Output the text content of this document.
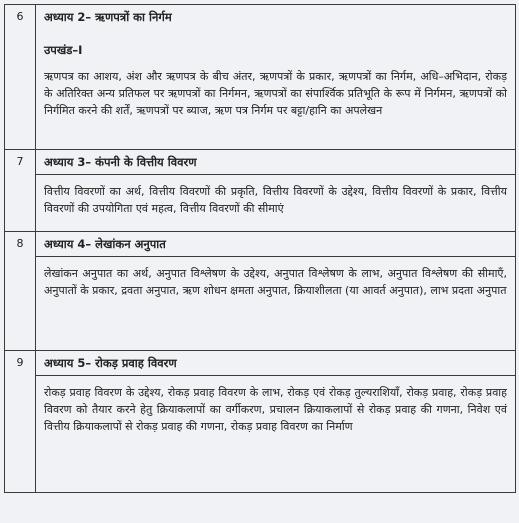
6	अध्याय 2– ऋणपत्रों का निर्गम
उपखंड–I
ऋणपत्र का आशय, अंश और ऋणपत्र के बीच अंतर, ऋणपत्रों के प्रकार, ऋणपत्रों का निर्गम, अधि–अभिदान, रोकड़ के अतिरिक्त अन्य प्रतिफल पर ऋणपत्रों का निर्गमन, ऋणपत्रों का संपार्श्विक प्रतिभूति के रूप में निर्गमन, ऋणपत्रों को निर्गमित करने की शर्तें, ऋणपत्रों पर ब्याज, ऋण पत्र निर्गम पर बट्टा/हानि का अपलेखन

7	अध्याय 3– कंपनी के वित्तीय विवरण
वित्तीय विवरणों का अर्थ, वित्तीय विवरणों की प्रकृति, वित्तीय विवरणों के उद्देश्य, वित्तीय विवरणों के प्रकार, वित्तीय विवरणों की उपयोगिता एवं महत्व, वित्तीय विवरणों की सीमाएं

8	अध्याय 4– लेखांकन अनुपात
लेखांकन अनुपात का अर्थ, अनुपात विश्लेषण के उद्देश्य, अनुपात विश्लेषण के लाभ, अनुपात विश्लेषण की सीमाएँ, अनुपातों के प्रकार, द्रवता अनुपात, ऋण शोधन क्षमता अनुपात, क्रियाशीलता (या आवर्त अनुपात), लाभ प्रदता अनुपात

9	अध्याय 5– रोकड़ प्रवाह विवरण
रोकड़ प्रवाह विवरण के उद्देश्य, रोकड़ प्रवाह विवरण के लाभ, रोकड़ एवं रोकड़ तुल्यराशियाँ, रोकड़ प्रवाह, रोकड़ प्रवाह विवरण को तैयार करने हेतु क्रियाकलापों का वर्गीकरण, प्रचालन क्रियाकलापों से रोकड़ प्रवाह की गणना, निवेश एवं वित्तीय क्रियाकलापों से रोकड़ प्रवाह की गणना, रोकड़ प्रवाह विवरण का निर्माण
